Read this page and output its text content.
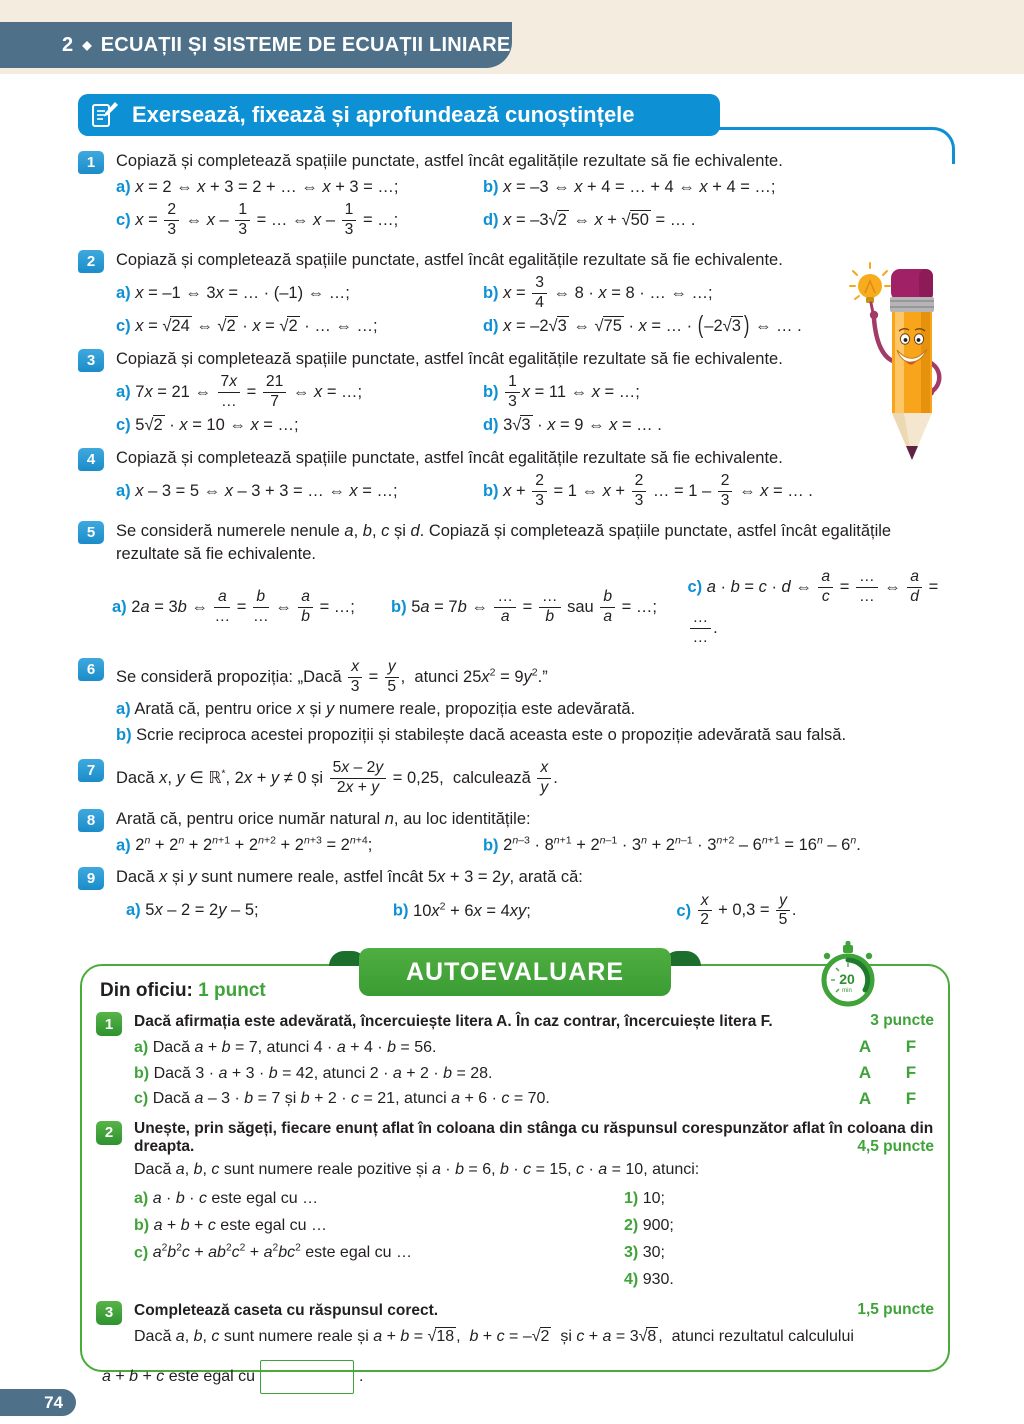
2 ◆ ECUAȚII ȘI SISTEME DE ECUAȚII LINIARE
Exersează, fixează și aprofundează cunoștințele
1	Copiază și completează spațiile punctate, astfel încât egalitățile rezultate să fie echivalente.
a) x = 2 ⇔ x + 3 = 2 + … ⇔ x + 3 = …;	b) x = –3 ⇔ x + 4 = … + 4 ⇔ x + 4 = …;
c) $x = \frac{2}{3}$ ⇔ x – $\frac{1}{3}$ = … ⇔ x – $\frac{1}{3}$ = …;	d) x = –3√2 ⇔ x + √50 = … .
2	Copiază și completează spațiile punctate, astfel încât egalitățile rezultate să fie echivalente.
a) x = –1 ⇔ 3x = … · (–1) ⇔ …;	b) $x = \frac{3}{4}$ ⇔ 8 · x = 8 · … ⇔ …;
c) x = √24 ⇔ √2 · x = √2 · … ⇔ …;	d) x = –2√3 ⇔ √75 · x = … · (–2√3 ) ⇔ … .
3	Copiază și completează spațiile punctate, astfel încât egalitățile rezultate să fie echivalente.
a) 7x = 21 ⇔
7x
…
= $\frac{21}{7}$ ⇔ x = …;	$b) \frac{1}{3}$ x = 11 ⇔ x = …;
c) 5√2 · x = 10 ⇔ x = …;	d) 3√3 · x = 9 ⇔ x = … .
4	Copiază și completează spațiile punctate, astfel încât egalitățile rezultate să fie echivalente.
a) x – 3 = 5 ⇔ x – 3 + 3 = … ⇔ x = …;	b) $x + \frac{2}{3} = 1$ ⇔ $x + \frac{2}{3}$ … = $1 - \frac{2}{3}$ ⇔ x = … .
5	Se consideră numerele nenule a, b, c și d. Copiază și completează spațiile punctate, astfel încât egalitățile rezultate să fie echivalente.
a) 2a = 3b ⇔
a
…
=
b
…
⇔ $\frac{a}{b}$ = …;	b) 5a = 7b ⇔
…
a
=
…
b
sau $\frac{b}{a}$ = …;
c) a · b = c · d ⇔ $\frac{a}{c}$ =
…
…
⇔ $\frac{a}{d}$ =
…
…
.
6	Se consideră propoziția: „Dacă $\frac{x}{3} = \frac{y}{5}$ ,  atunci $25x^2 = 9y^2$.”
a) Arată că, pentru orice x și y numere reale, propoziția este adevărată.
b) Scrie reciproca acestei propoziții și stabilește dacă aceasta este o propoziție adevărată sau falsă.
7	Dacă x, y ∈ ℝ*, 2x + y ≠ 0 și $\frac{5x - 2y}{2x + y} = 0,25$,  calculează $\frac{x}{y}$ .
8	Arată că, pentru orice număr natural n, au loc identitățile:
a) $2^n + 2^n + 2^{n+1} + 2^{n+2} + 2^{n+3} = 2^{n+4}$;	b) $2^{n-3} \cdot 8^{n+1} + 2^{n-1} \cdot 3^n + 2^{n-1} \cdot 3^{n+2} - 6^{n+1} = 16^n - 6^n$.
9	Dacă x și y sunt numere reale, astfel încât 5x + 3 = 2y, arată că:
a) 5x – 2 = 2y – 5;	b) $10x^2 + 6x = 4xy$;	$c) \frac{x}{2} + 0,3 = \frac{y}{5}$ .
AUTOEVALUARE	20
min
Din oficiu: 1 punct
1	3 puncte
Dacă afirmația este adevărată, încercuiește litera A. În caz contrar, încercuiește litera F.
a)
Dacă a + b = 7, atunci 4 · a + 4 · b = 56.	A	F
b)
Dacă 3 · a + 3 · b = 42, atunci 2 · a + 2 · b = 28.	A	F
c)
Dacă a – 3 · b = 7 și b + 2 · c = 21, atunci a + 6 · c = 70.	A	F
2	Unește, prin săgeți, fiecare enunț aflat în coloana din stânga cu răspunsul corespunzător aflat în coloana din dreapta.	4,5 puncte
Dacă a, b, c sunt numere reale pozitive și a · b = 6, b · c = 15, c · a = 10, atunci:
a) a · b · c este egal cu …
b) a + b + c este egal cu …
c) $a^2b^2c + ab^2c^2 + a^2bc^2$ este egal cu …
1) 10;
2) 900;
3) 30;
4) 930.
3	1,5 puncte
Completează caseta cu răspunsul corect.
Dacă a, b, c sunt numere reale și a + b = √18 ,  b + c = –√2  și c + a = 3√8 ,  atunci rezultatul calculului
a + b + c este egal cu	.
74
